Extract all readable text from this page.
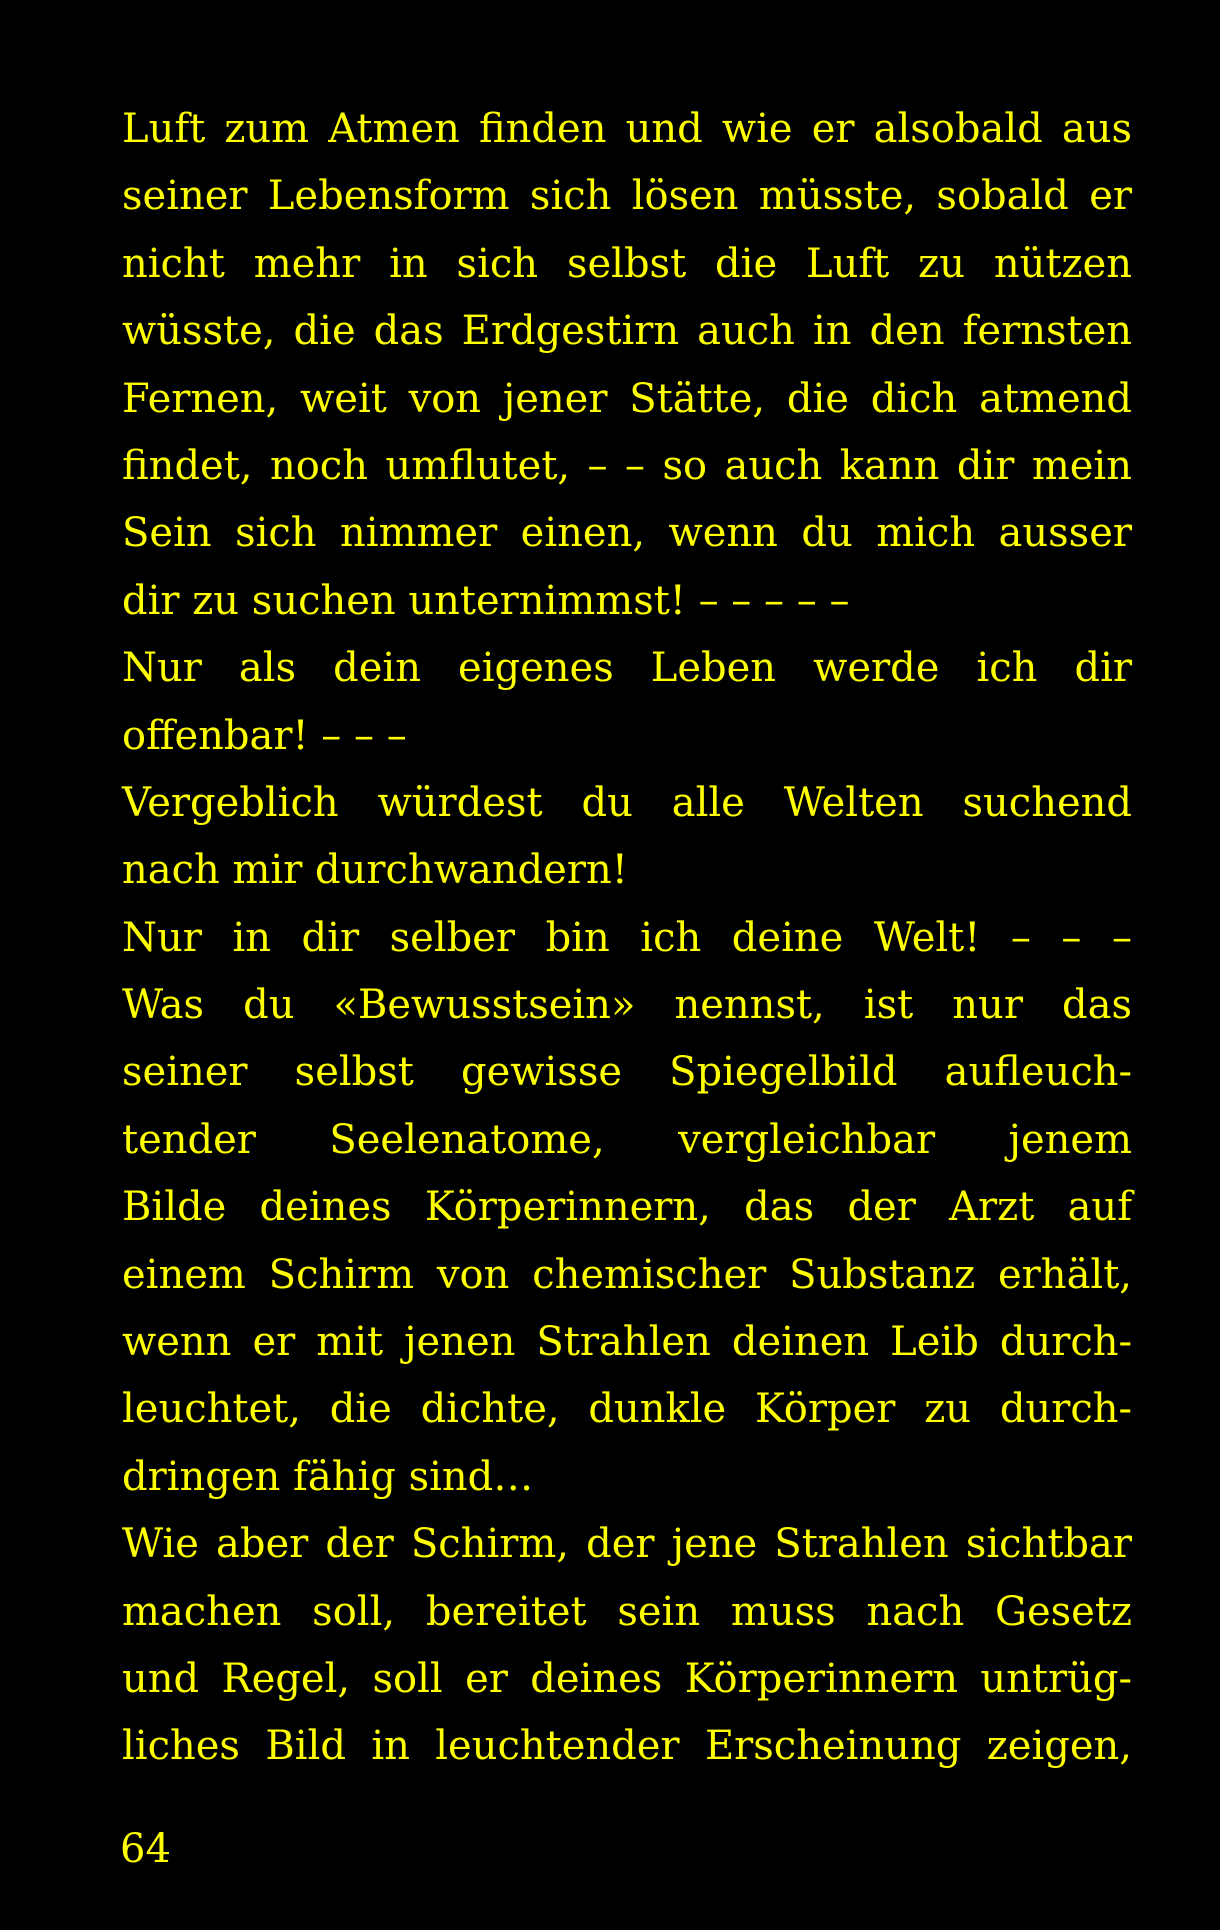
Luft zum Atmen finden und wie er alsobald aus
seiner Lebensform sich lösen müsste, sobald er
nicht mehr in sich selbst die Luft zu nützen
wüsste, die das Erdgestirn auch in den fernsten
Fernen, weit von jener Stätte, die dich atmend
findet, noch umflutet, – – so auch kann dir mein
Sein sich nimmer einen, wenn du mich ausser
dir zu suchen unternimmst! – – – – –
Nur als dein eigenes Leben werde ich dir
offenbar! – – –
Vergeblich würdest du alle Welten suchend
nach mir durchwandern!
Nur in dir selber bin ich deine Welt! – – –
Was du «Bewusstsein» nennst, ist nur das
seiner selbst gewisse Spiegelbild aufleuch-
tender Seelenatome, vergleichbar jenem
Bilde deines Körperinnern, das der Arzt auf
einem Schirm von chemischer Substanz erhält,
wenn er mit jenen Strahlen deinen Leib durch-
leuchtet, die dichte, dunkle Körper zu durch-
dringen fähig sind…
Wie aber der Schirm, der jene Strahlen sichtbar
machen soll, bereitet sein muss nach Gesetz
und Regel, soll er deines Körperinnern untrüg-
liches Bild in leuchtender Erscheinung zeigen,
64
